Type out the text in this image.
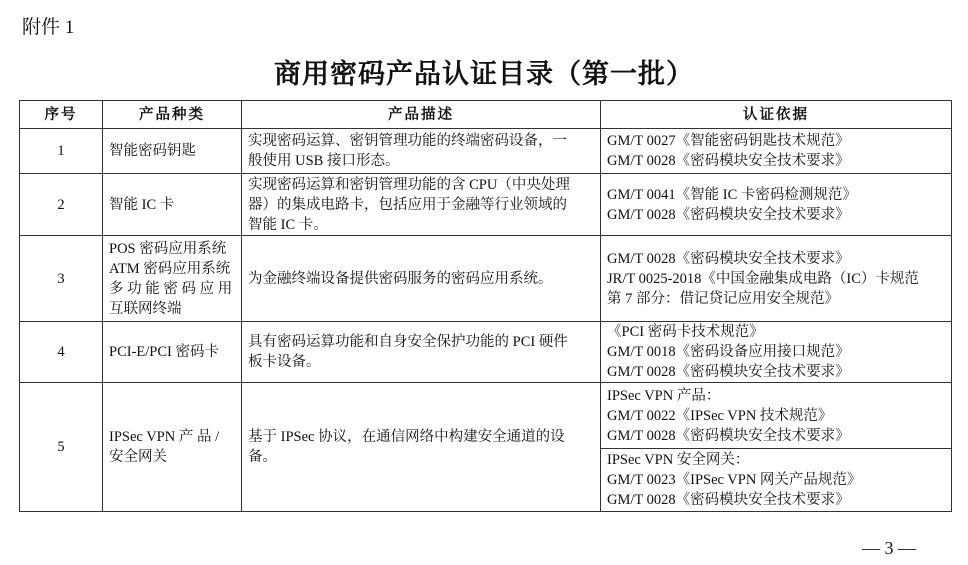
附件 1
商用密码产品认证目录（第一批）
序号	产品种类	产品描述	认证依据
1	智能密码钥匙	实现密码运算、密钥管理功能的终端密码设备，一
般使用 USB 接口形态。	GM/T 0027《智能密码钥匙技术规范》
GM/T 0028《密码模块安全技术要求》

2	智能 IC 卡	实现密码运算和密钥管理功能的含 CPU（中央处理
器）的集成电路卡，包括应用于金融等行业领域的
智能 IC 卡。	GM/T 0041《智能 IC 卡密码检测规范》
GM/T 0028《密码模块安全技术要求》

3	POS 密码应用系统
ATM 密码应用系统
多 功 能 密 码 应 用
互联网终端	为金融终端设备提供密码服务的密码应用系统。	GM/T 0028《密码模块安全技术要求》
JR/T 0025-2018《中国金融集成电路（IC）卡规范
第 7 部分：借记贷记应用安全规范》

4	PCI-E/PCI 密码卡	具有密码运算功能和自身安全保护功能的 PCI 硬件
板卡设备。	《PCI 密码卡技术规范》
GM/T 0018《密码设备应用接口规范》
GM/T 0028《密码模块安全技术要求》

5	IPSec VPN 产 品 /
安全网关	基于 IPSec 协议，在通信网络中构建安全通道的设
备。	IPSec VPN 产品：
GM/T 0022《IPSec VPN 技术规范》
GM/T 0028《密码模块安全技术要求》

			IPSec VPN 安全网关：
GM/T 0023《IPSec VPN 网关产品规范》
GM/T 0028《密码模块安全技术要求》
— 3 —
